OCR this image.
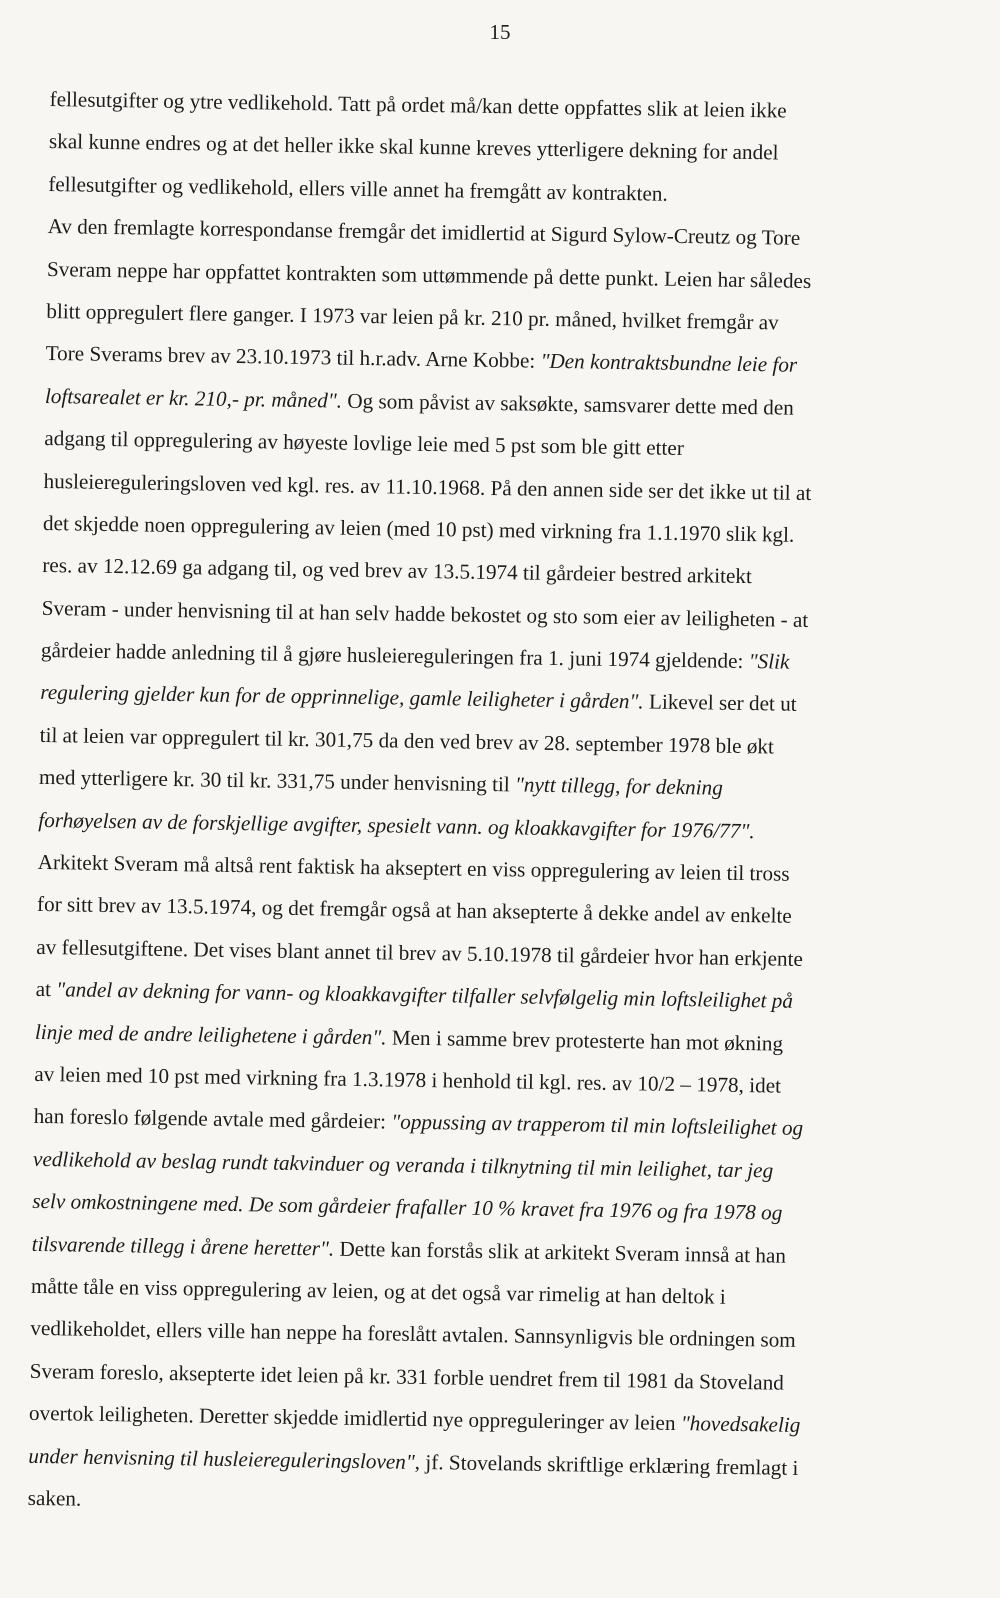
15
fellesutgifter og ytre vedlikehold. Tatt på ordet må/kan dette oppfattes slik at leien ikke
skal kunne endres og at det heller ikke skal kunne kreves ytterligere dekning for andel
fellesutgifter og vedlikehold, ellers ville annet ha fremgått av kontrakten.
Av den fremlagte korrespondanse fremgår det imidlertid at Sigurd Sylow-Creutz og Tore
Sveram neppe har oppfattet kontrakten som uttømmende på dette punkt. Leien har således
blitt oppregulert flere ganger. I 1973 var leien på kr. 210 pr. måned, hvilket fremgår av
Tore Sverams brev av 23.10.1973 til h.r.adv. Arne Kobbe: "Den kontraktsbundne leie for
loftsarealet er kr. 210,- pr. måned". Og som påvist av saksøkte, samsvarer dette med den
adgang til oppregulering av høyeste lovlige leie med 5 pst som ble gitt etter
husleiereguleringsloven ved kgl. res. av 11.10.1968. På den annen side ser det ikke ut til at
det skjedde noen oppregulering av leien (med 10 pst) med virkning fra 1.1.1970 slik kgl.
res. av 12.12.69 ga adgang til, og ved brev av 13.5.1974 til gårdeier bestred arkitekt
Sveram - under henvisning til at han selv hadde bekostet og sto som eier av leiligheten - at
gårdeier hadde anledning til å gjøre husleiereguleringen fra 1. juni 1974 gjeldende: "Slik
regulering gjelder kun for de opprinnelige, gamle leiligheter i gården". Likevel ser det ut
til at leien var oppregulert til kr. 301,75 da den ved brev av 28. september 1978 ble økt
med ytterligere kr. 30 til kr. 331,75 under henvisning til "nytt tillegg, for dekning
forhøyelsen av de forskjellige avgifter, spesielt vann. og kloakkavgifter for 1976/77".
Arkitekt Sveram må altså rent faktisk ha akseptert en viss oppregulering av leien til tross
for sitt brev av 13.5.1974, og det fremgår også at han aksepterte å dekke andel av enkelte
av fellesutgiftene. Det vises blant annet til brev av 5.10.1978 til gårdeier hvor han erkjente
at "andel av dekning for vann- og kloakkavgifter tilfaller selvfølgelig min loftsleilighet på
linje med de andre leilighetene i gården". Men i samme brev protesterte han mot økning
av leien med 10 pst med virkning fra 1.3.1978 i henhold til kgl. res. av 10/2 – 1978, idet
han foreslo følgende avtale med gårdeier: "oppussing av trapperom til min loftsleilighet og
vedlikehold av beslag rundt takvinduer og veranda i tilknytning til min leilighet, tar jeg
selv omkostningene med. De som gårdeier frafaller 10 % kravet fra 1976 og fra 1978 og
tilsvarende tillegg i årene heretter". Dette kan forstås slik at arkitekt Sveram innså at han
måtte tåle en viss oppregulering av leien, og at det også var rimelig at han deltok i
vedlikeholdet, ellers ville han neppe ha foreslått avtalen. Sannsynligvis ble ordningen som
Sveram foreslo, aksepterte idet leien på kr. 331 forble uendret frem til 1981 da Stoveland
overtok leiligheten. Deretter skjedde imidlertid nye oppreguleringer av leien "hovedsakelig
under henvisning til husleiereguleringsloven", jf. Stovelands skriftlige erklæring fremlagt i
saken.
